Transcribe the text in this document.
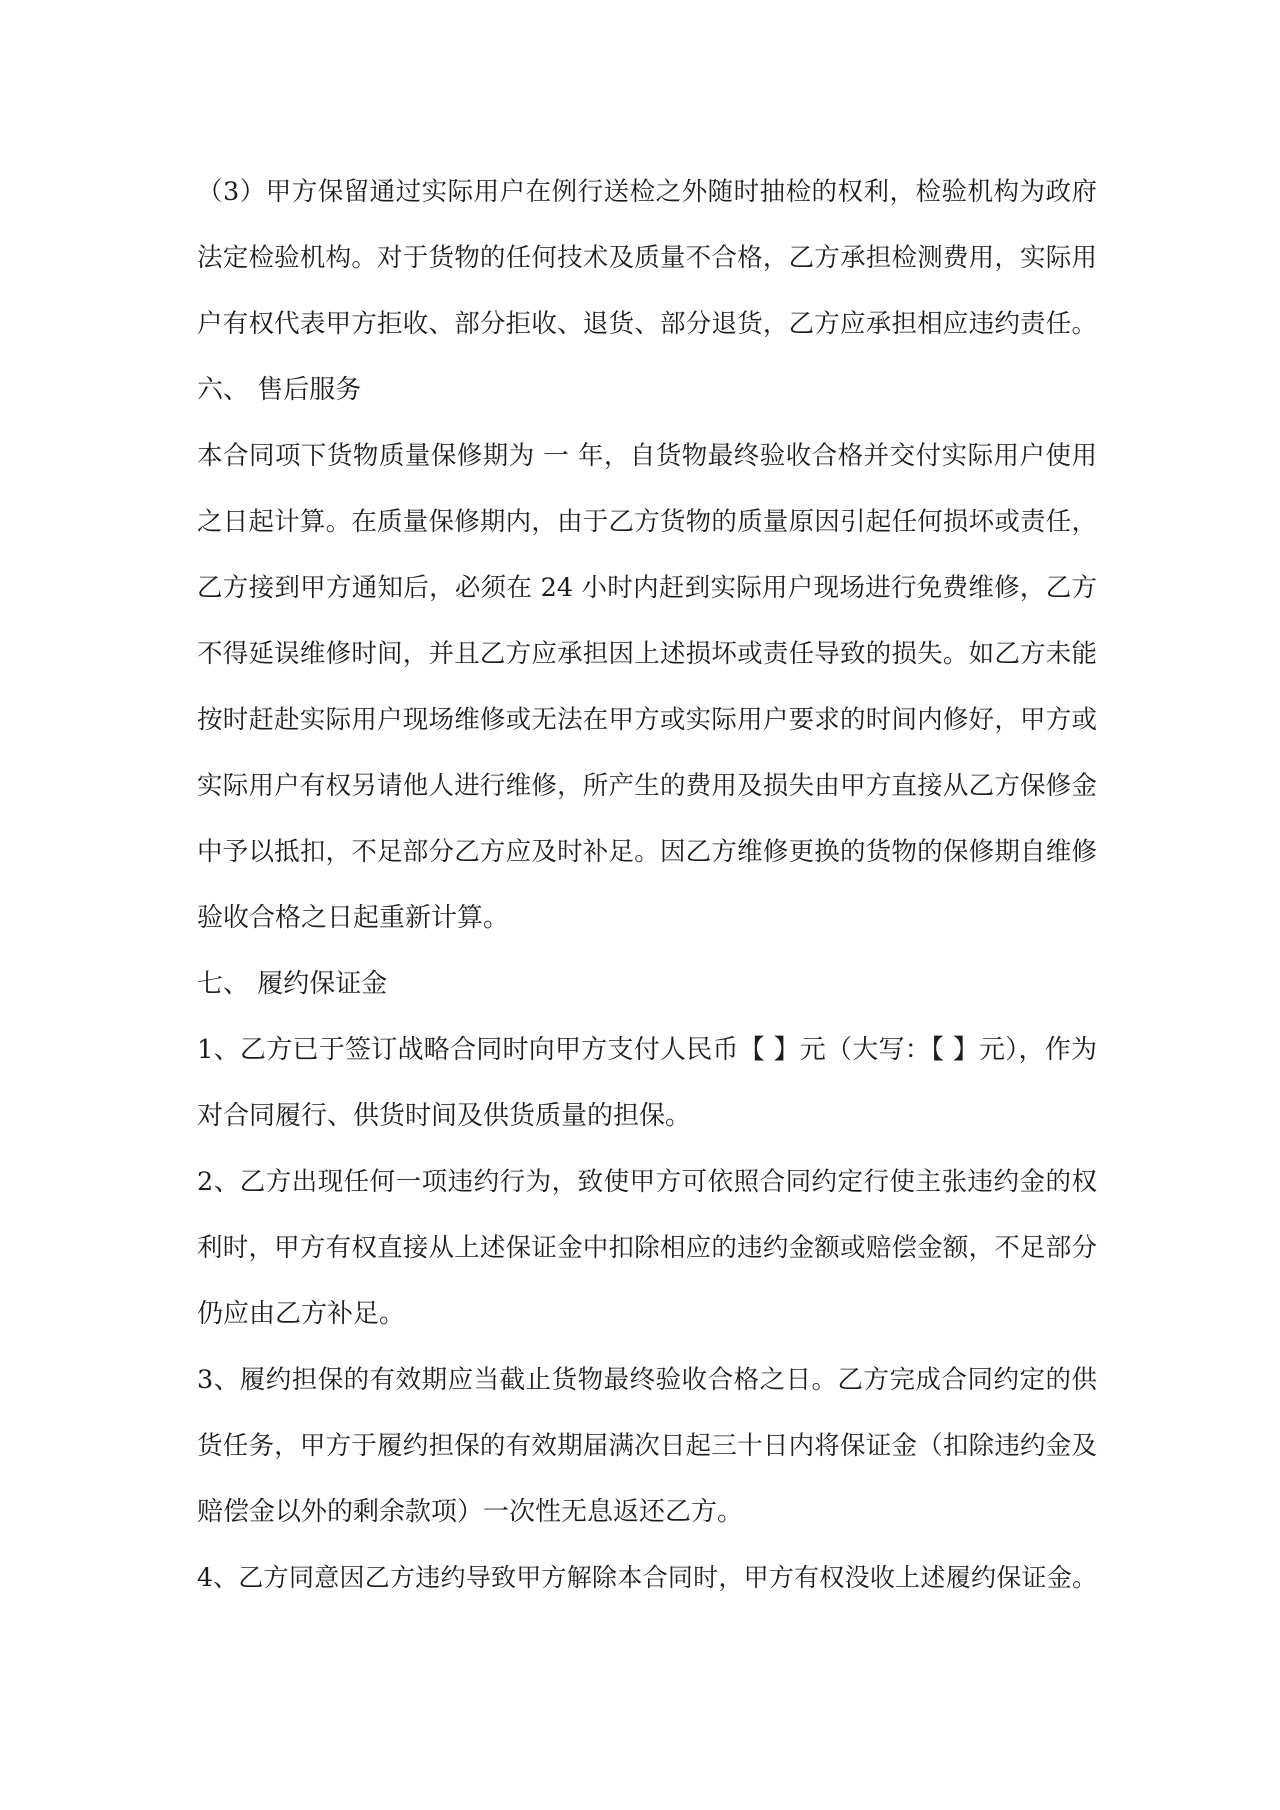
（3）甲方保留通过实际用户在例行送检之外随时抽检的权利，检验机构为政府
法定检验机构。对于货物的任何技术及质量不合格，乙方承担检测费用，实际用
户有权代表甲方拒收、部分拒收、退货、部分退货，乙方应承担相应违约责任。
六、 售后服务
本合同项下货物质量保修期为 一 年，自货物最终验收合格并交付实际用户使用
之日起计算。在质量保修期内，由于乙方货物的质量原因引起任何损坏或责任，
乙方接到甲方通知后，必须在 24 小时内赶到实际用户现场进行免费维修，乙方
不得延误维修时间，并且乙方应承担因上述损坏或责任导致的损失。如乙方未能
按时赶赴实际用户现场维修或无法在甲方或实际用户要求的时间内修好，甲方或
实际用户有权另请他人进行维修，所产生的费用及损失由甲方直接从乙方保修金
中予以抵扣，不足部分乙方应及时补足。因乙方维修更换的货物的保修期自维修
验收合格之日起重新计算。
七、 履约保证金
1、乙方已于签订战略合同时向甲方支付人民币【 】元（大写：【 】元），作为
对合同履行、供货时间及供货质量的担保。
2、乙方出现任何一项违约行为，致使甲方可依照合同约定行使主张违约金的权
利时，甲方有权直接从上述保证金中扣除相应的违约金额或赔偿金额，不足部分
仍应由乙方补足。
3、履约担保的有效期应当截止货物最终验收合格之日。乙方完成合同约定的供
货任务，甲方于履约担保的有效期届满次日起三十日内将保证金（扣除违约金及
赔偿金以外的剩余款项）一次性无息返还乙方。
4、乙方同意因乙方违约导致甲方解除本合同时，甲方有权没收上述履约保证金。
